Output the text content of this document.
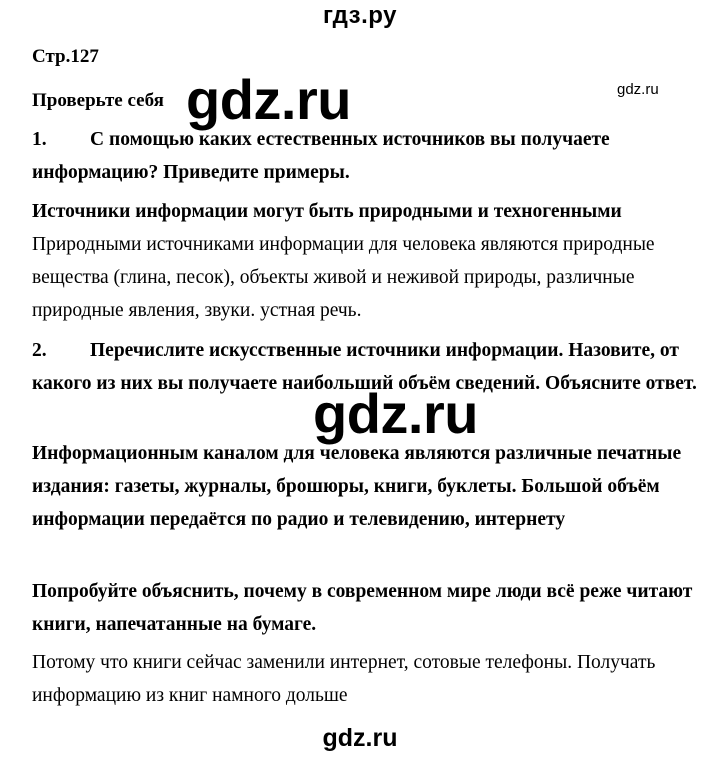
гдз.ру
Стр.127
Проверьте себя
gdz.ru

1. С помощью каких естественных источников вы получаете информацию? Приведите примеры.

Источники информации могут быть природными и техногенными
Природными источниками информации для человека являются природные вещества (глина, песок), объекты живой и неживой природы, различные природные явления, звуки. устная речь.

2. Перечислите искусственные источники информации. Назовите, от какого из них вы получаете наибольший объём сведений. Объясните ответ.

Информационным каналом для человека являются различные печатные издания: газеты, журналы, брошюры, книги, буклеты. Большой объём информации передаётся по радио и телевидению, интернету

Попробуйте объяснить, почему в современном мире люди всё реже читают книги, напечатанные на бумаге.

Потому что книги сейчас заменили интернет, сотовые телефоны. Получать информацию из книг намного дольше

gdz.ru
gdz.ru
gdz.ru
